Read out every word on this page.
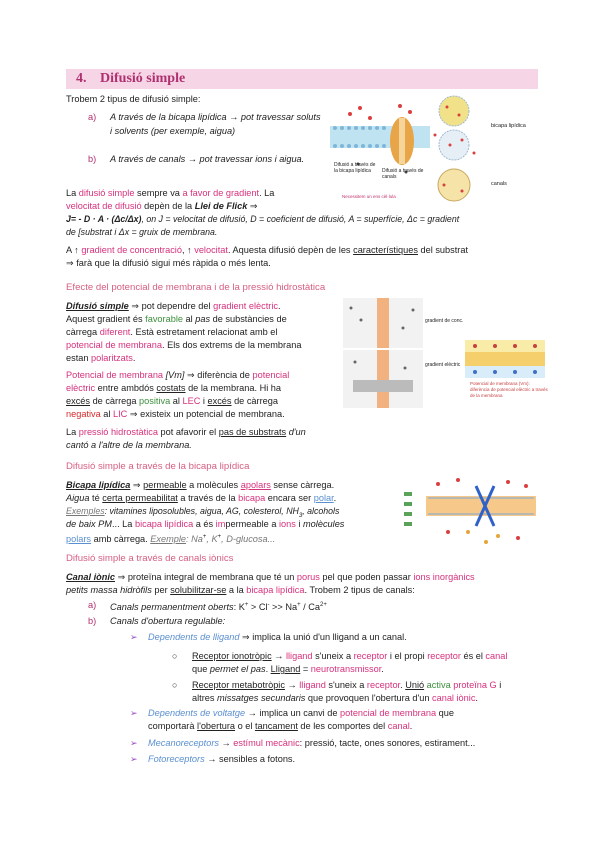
4. Difusió simple
Trobem 2 tipus de difusió simple:
a) A través de la bicapa lipídica → pot travessar soluts i solvents (per exemple, aigua)
b) A través de canals → pot travessar ions i aigua.
Difusió a través de la bicapa lipídica	Difusió a través de canals
Necessitem un ens cèl·lula
bicapa lipídica
canals
La difusió simple sempre va a favor de gradient. La
velocitat de difusió depèn de la Llei de Flick ⇒
J= - D · A · (Δc/Δx), on J = velocitat de difusió, D = coeficient de difusió, A = superfície, Δc = gradient
de [substrat i Δx = gruix de membrana.
A ↑ gradient de concentració, ↑ velocitat. Aquesta difusió depèn de les característiques del substrat
⇒ farà que la difusió sigui més ràpida o més lenta.
Efecte del potencial de membrana i de la pressió hidrostàtica
Difusió simple ⇒ pot dependre del gradient elèctric.
Aquest gradient és favorable al pas de substàncies de
càrrega diferent. Està estretament relacionat amb el
potencial de membrana. Els dos extrems de la membrana
estan polaritzats.
Potencial de membrana [Vm] ⇒ diferència de potencial
elèctric entre ambdós costats de la membrana. Hi ha
excés de càrrega positiva al LEC i excés de càrrega
negativa al LIC ⇒ existeix un potencial de membrana.
La pressió hidrostàtica pot afavorir el pas de substrats d'un
cantó a l'altre de la membrana.
gradient de conc.
gradient elèctric
Potencial de membrana (Vm): diferència de potencial elèctric a través de la membrana
Difusió simple a través de la bicapa lipídica
Bicapa lipídica ⇒ permeable a molècules apolars sense càrrega.
Aigua té certa permeabilitat a través de la bicapa encara ser polar.
Exemples: vitamines liposolubles, aigua, AG, colesterol, $NH_3$, alcohols
de baix PM... La bicapa lipídica a és impermeable a ions i molècules
polars amb càrrega. Exemple: Na+, K+, D-glucosa...
Difusió simple a través de canals iònics
Canal iònic ⇒ proteïna integral de membrana que té un porus pel que poden passar ions inorgànics
petits massa hidròfils per solubilitzar-se a la bicapa lipídica. Trobem 2 tipus de canals:
a) Canals permanentment oberts: $K^+ > Cl^- >> Na^+ / Ca^{2+}$
b) Canals d'obertura regulable:
➢ Dependents de lligand ⇒ implica la unió d'un lligand a un canal.
○ Receptor ionotròpic → lligand s'uneix a receptor i el propi receptor és el canal
que permet el pas. Lligand = neurotransmissor.
○ Receptor metabotròpic → lligand s'uneix a receptor. Unió activa proteïna G i
altres missatges secundaris que provoquen l'obertura d'un canal iònic.
➢ Dependents de voltatge → implica un canvi de potencial de membrana que
comportarà l'obertura o el tancament de les comportes del canal.
➢ Mecanoreceptors → estímul mecànic: pressió, tacte, ones sonores, estirament...
➢ Fotoreceptors → sensibles a fotons.
